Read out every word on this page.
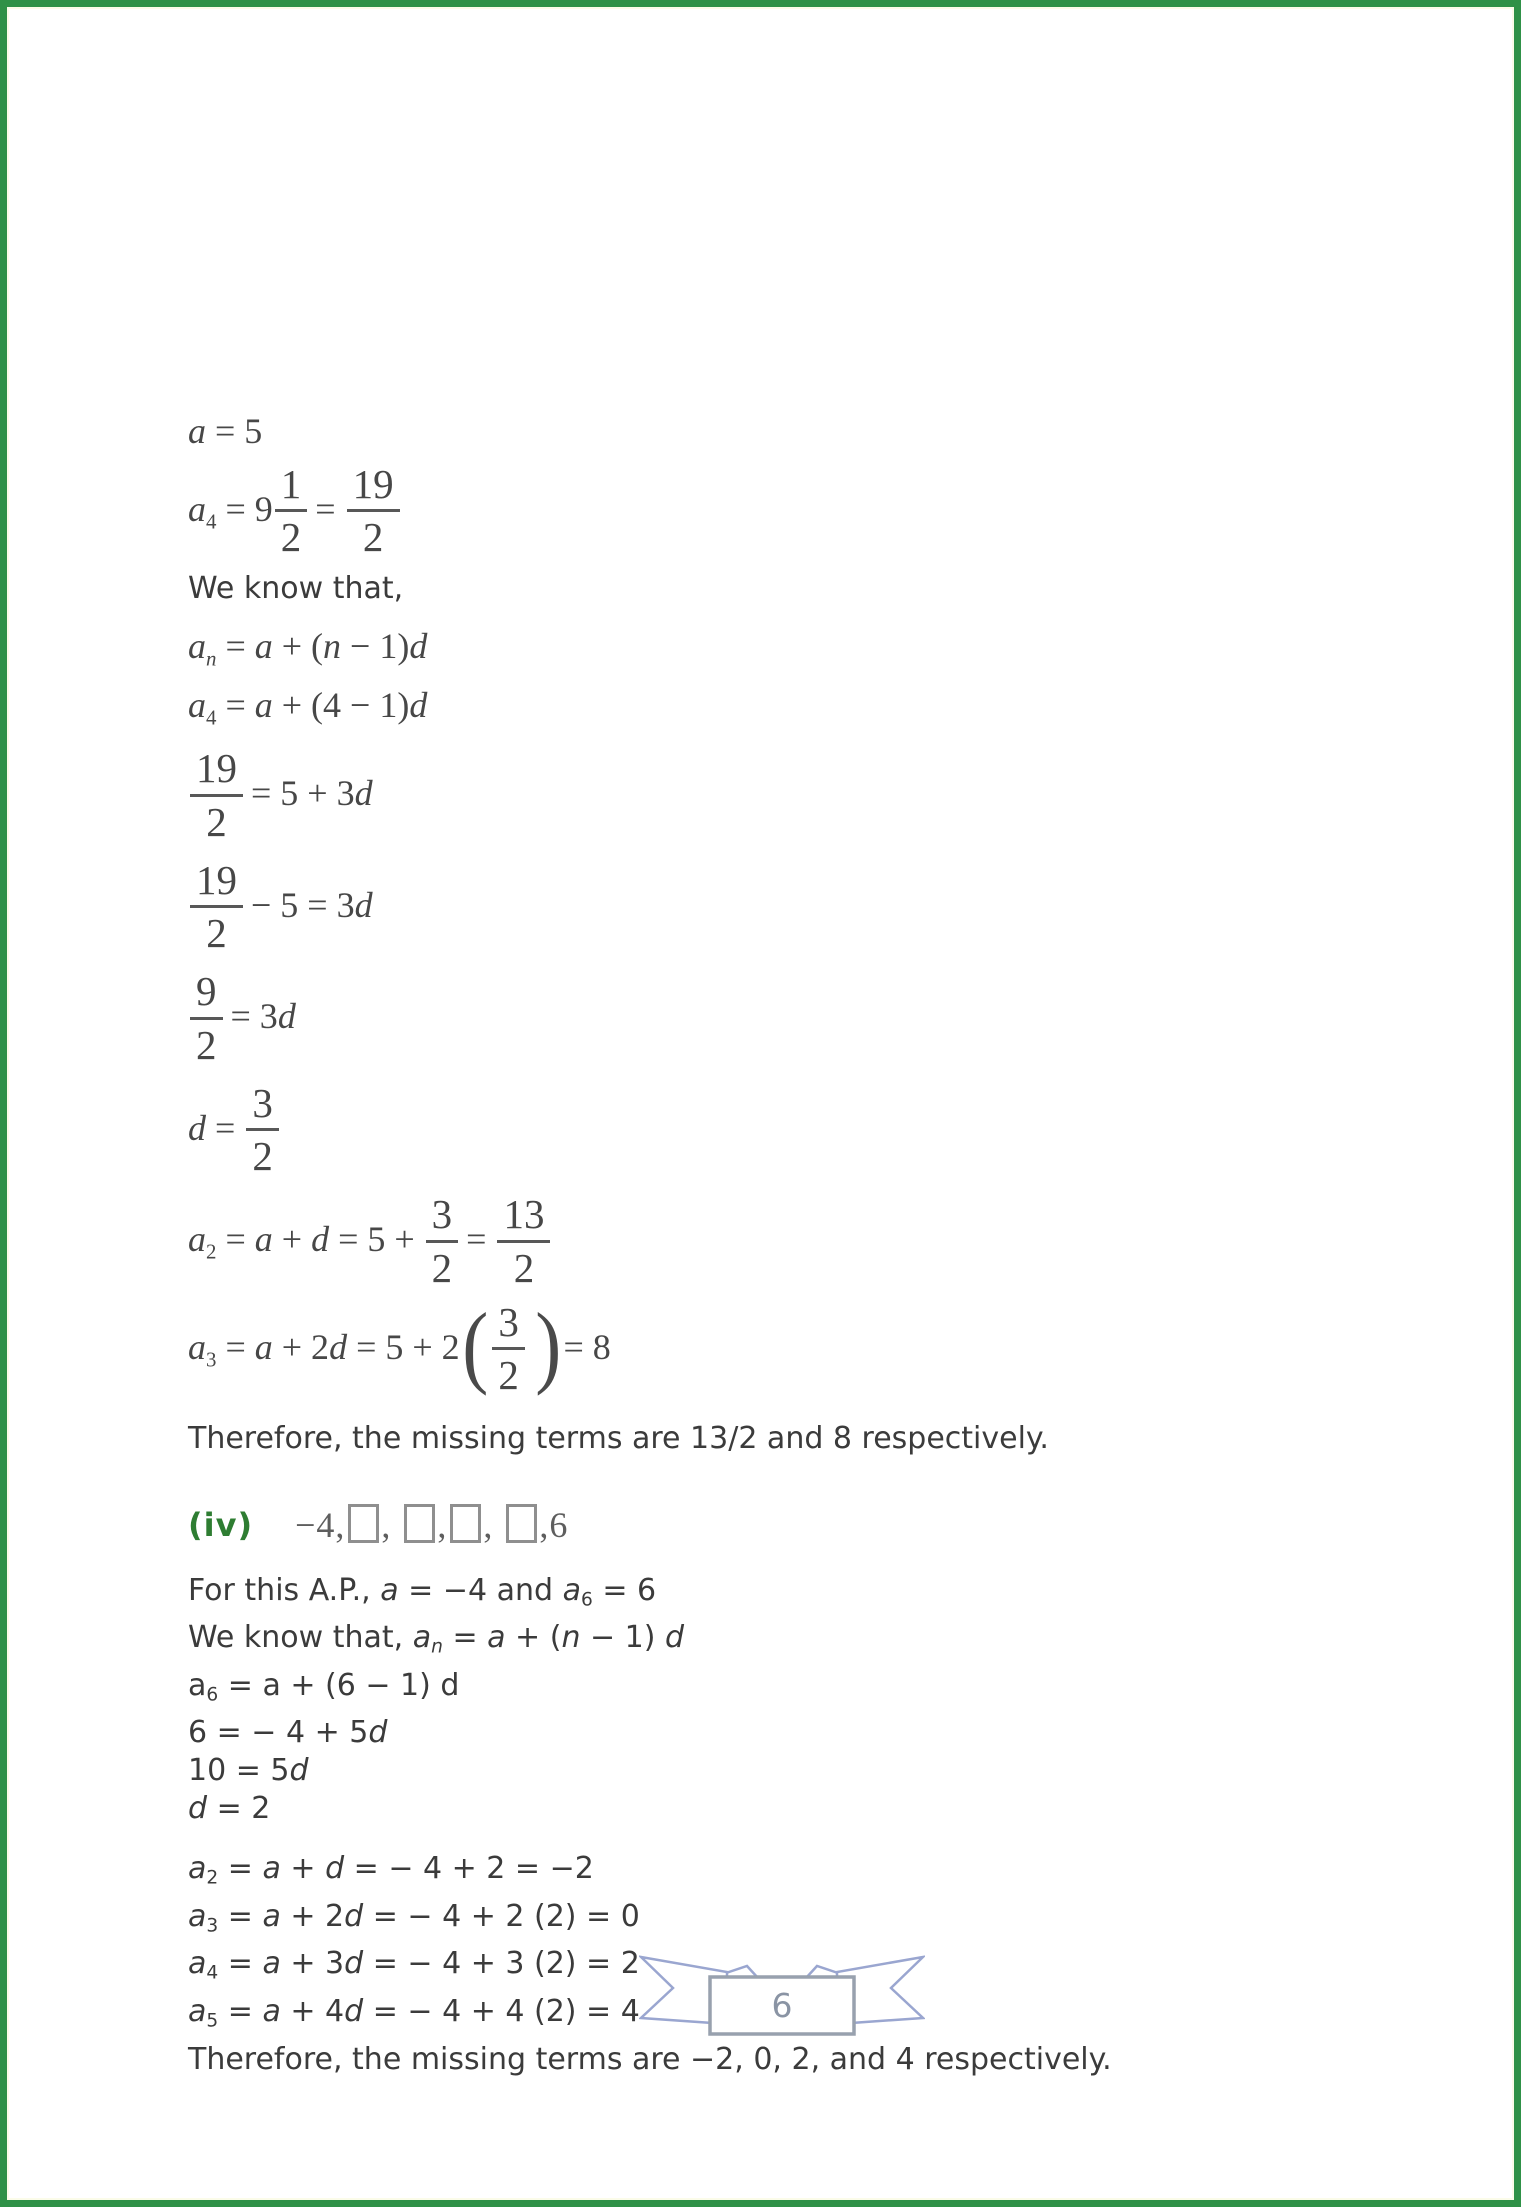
a = 5
$a_4 = 9 \frac{1}{2} = \frac{19}{2}$
We know that,
$a_n = a + (n - 1)d$
$a_4 = a + (4 - 1)d$
$\frac{19}{2} = 5 + 3d$
$\frac{19}{2} - 5 = 3d$
$\frac{9}{2} = 3d$
$d = \frac{3}{2}$
$a_2 = a + d = 5 + \frac{3}{2} = \frac{13}{2}$
$a_3 = a + 2d = 5 + 2( \frac{3}{2}$ )= 8
Therefore, the missing terms are 13/2 and 8 respectively.
(iv) −4, , , , ,6
For this A.P., a = −4 and $a_6 = 6$
We know that, $a_n = a + (n - 1)$ d
$a_6 = a + (6 - 1)$ d
6 = − 4 + 5d
10 = 5d
d = 2
$a_2 = a + d$ = − 4 + 2 = −2
$a_3 = a + 2d$ = − 4 + 2 (2) = 0
$a_4 = a + 3d$ = − 4 + 3 (2) = 2
$a_5 = a + 4d$ = − 4 + 4 (2) = 4
Therefore, the missing terms are −2, 0, 2, and 4 respectively.
6
